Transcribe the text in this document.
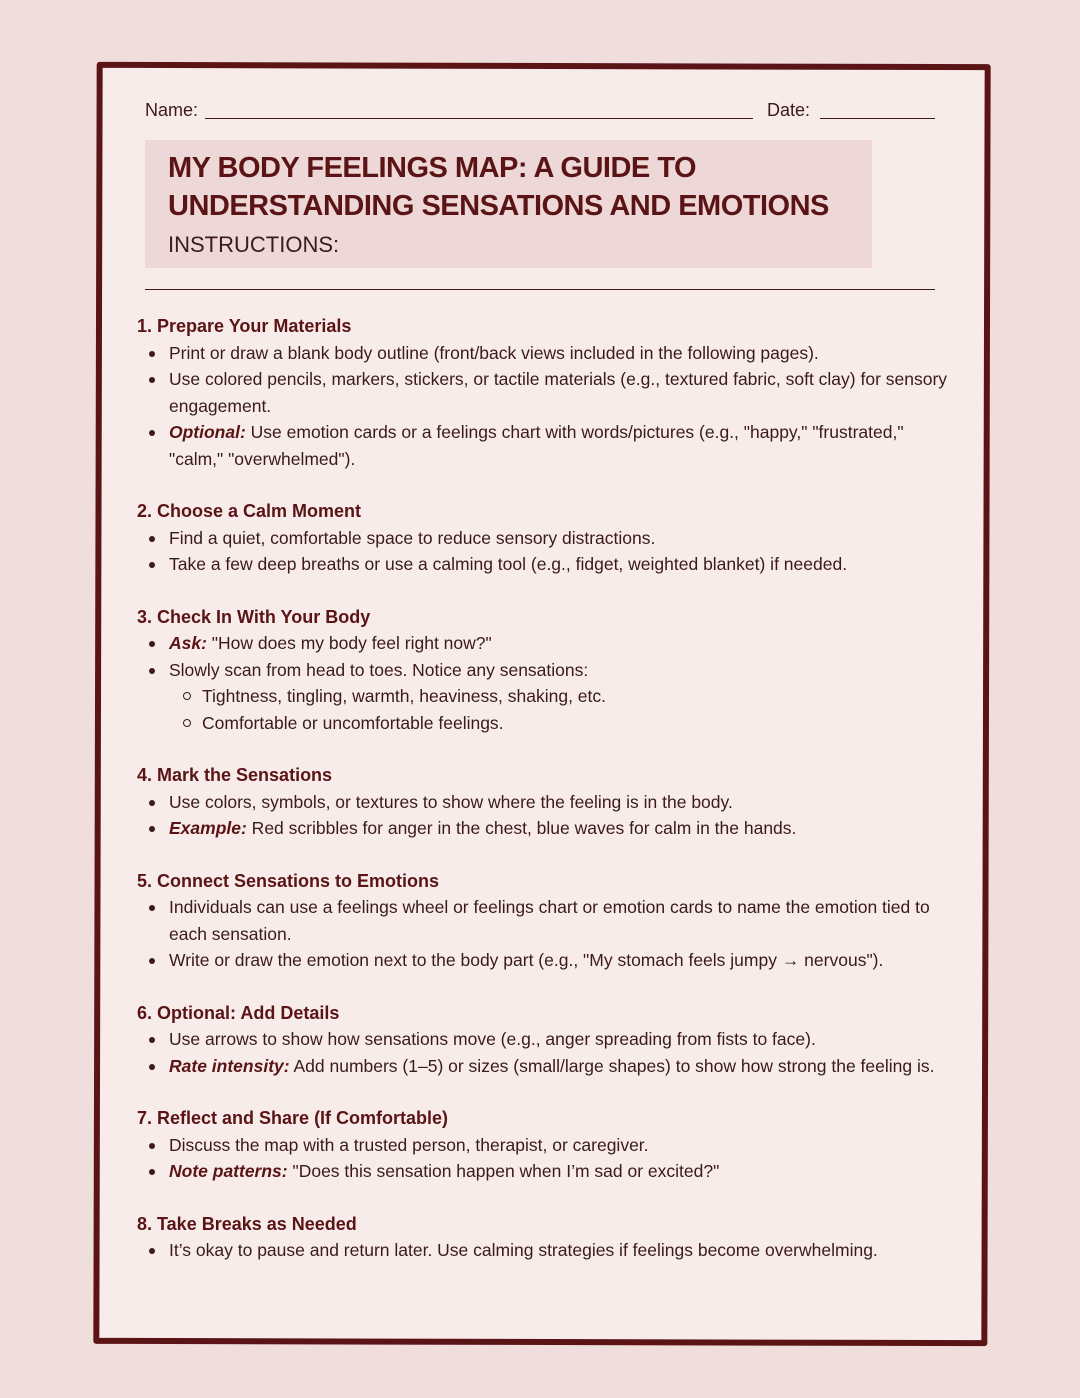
Name:	Date:
MY BODY FEELINGS MAP: A GUIDE TO UNDERSTANDING SENSATIONS AND EMOTIONS
INSTRUCTIONS:
1. Prepare Your Materials
Print or draw a blank body outline (front/back views included in the following pages).
Use colored pencils, markers, stickers, or tactile materials (e.g., textured fabric, soft clay) for sensory engagement.
Optional: Use emotion cards or a feelings chart with words/pictures (e.g., "happy," "frustrated," "calm," "overwhelmed").
2. Choose a Calm Moment
Find a quiet, comfortable space to reduce sensory distractions.
Take a few deep breaths or use a calming tool (e.g., fidget, weighted blanket) if needed.
3. Check In With Your Body
Ask: "How does my body feel right now?"
Slowly scan from head to toes. Notice any sensations:
Tightness, tingling, warmth, heaviness, shaking, etc.
Comfortable or uncomfortable feelings.
4. Mark the Sensations
Use colors, symbols, or textures to show where the feeling is in the body.
Example: Red scribbles for anger in the chest, blue waves for calm in the hands.
5. Connect Sensations to Emotions
Individuals can use a feelings wheel or feelings chart or emotion cards to name the emotion tied to each sensation.
Write or draw the emotion next to the body part (e.g., "My stomach feels jumpy → nervous").
6. Optional: Add Details
Use arrows to show how sensations move (e.g., anger spreading from fists to face).
Rate intensity: Add numbers (1–5) or sizes (small/large shapes) to show how strong the feeling is.
7. Reflect and Share (If Comfortable)
Discuss the map with a trusted person, therapist, or caregiver.
Note patterns: "Does this sensation happen when I’m sad or excited?"
8. Take Breaks as Needed
It’s okay to pause and return later. Use calming strategies if feelings become overwhelming.
